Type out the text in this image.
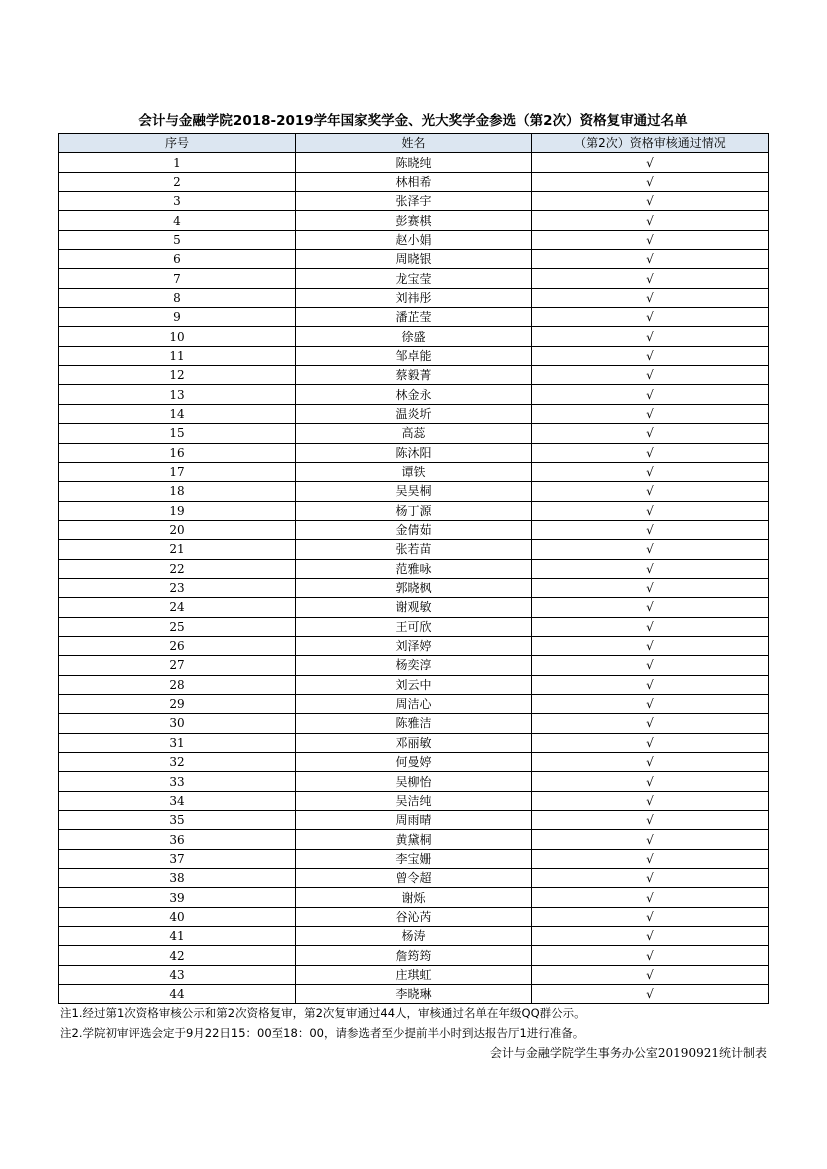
会计与金融学院2018-2019学年国家奖学金、光大奖学金参选（第2次）资格复审通过名单
序号	姓名	（第2次）资格审核通过情况
1	陈晓纯	√
2	林相希	√
3	张泽宇	√
4	彭赛棋	√
5	赵小娟	√
6	周晓银	√
7	龙宝莹	√
8	刘祎彤	√
9	潘芷莹	√
10	徐盛	√
11	邹卓能	√
12	蔡毅菁	√
13	林金永	√
14	温炎圻	√
15	高蕊	√
16	陈沐阳	√
17	谭铁	√
18	吴昊桐	√
19	杨丁源	√
20	金倩茹	√
21	张若苗	√
22	范雅咏	√
23	郭晓枫	√
24	谢观敏	√
25	王可欣	√
26	刘泽婷	√
27	杨奕淳	√
28	刘云中	√
29	周洁心	√
30	陈雅洁	√
31	邓丽敏	√
32	何曼婷	√
33	吴柳怡	√
34	吴洁纯	√
35	周雨晴	√
36	黄黛桐	√
37	李宝姗	√
38	曾令超	√
39	谢烁	√
40	谷沁芮	√
41	杨涛	√
42	詹筠筠	√
43	庄琪虹	√
44	李晓琳	√
注1.经过第1次资格审核公示和第2次资格复审，第2次复审通过44人，审核通过名单在年级QQ群公示。
注2.学院初审评选会定于9月22日15：00至18：00，请参选者至少提前半小时到达报告厅1进行准备。
会计与金融学院学生事务办公室20190921统计制表
